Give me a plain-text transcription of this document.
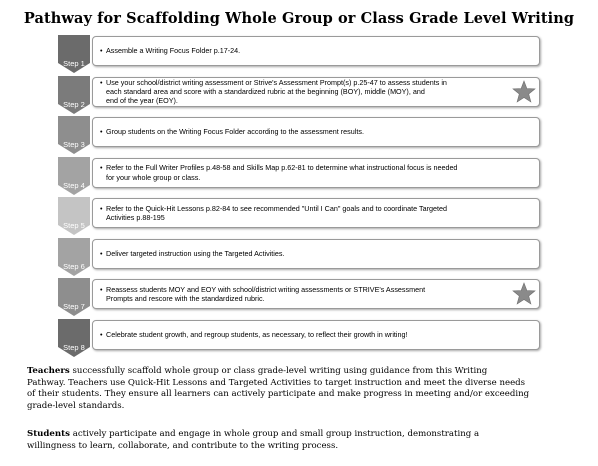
Pathway for Scaffolding Whole Group or Class Grade Level Writing
Step 1
• Assemble a Writing Focus Folder p.17-24.
Step 2
• Use your school/district writing assessment or Strive's Assessment Prompt(s) p.25-47 to assess students in
each standard area and score with a standardized rubric at the beginning (BOY), middle (MOY), and
end of the year (EOY).
Step 3
• Group students on the Writing Focus Folder according to the assessment results.
Step 4
• Refer to the Full Writer Profiles p.48-58 and Skills Map p.62-81 to determine what instructional focus is needed
for your whole group or class.
Step 5
• Refer to the Quick-Hit Lessons p.82-84 to see recommended "Until I Can" goals and to coordinate Targeted
Activities p.88-195
Step 6
• Deliver targeted instruction using the Targeted Activities.
Step 7
• Reassess students MOY and EOY with school/district writing assessments or STRIVE's Assessment
Prompts and rescore with the standardized rubric.
Step 8
• Celebrate student growth, and regroup students, as necessary, to reflect their growth in writing!
Teachers successfully scaffold whole group or class grade-level writing using guidance from this Writing
Pathway. Teachers use Quick-Hit Lessons and Targeted Activities to target instruction and meet the diverse needs
of their students. They ensure all learners can actively participate and make progress in meeting and/or exceeding
grade-level standards.
Students actively participate and engage in whole group and small group instruction, demonstrating a
willingness to learn, collaborate, and contribute to the writing process.
